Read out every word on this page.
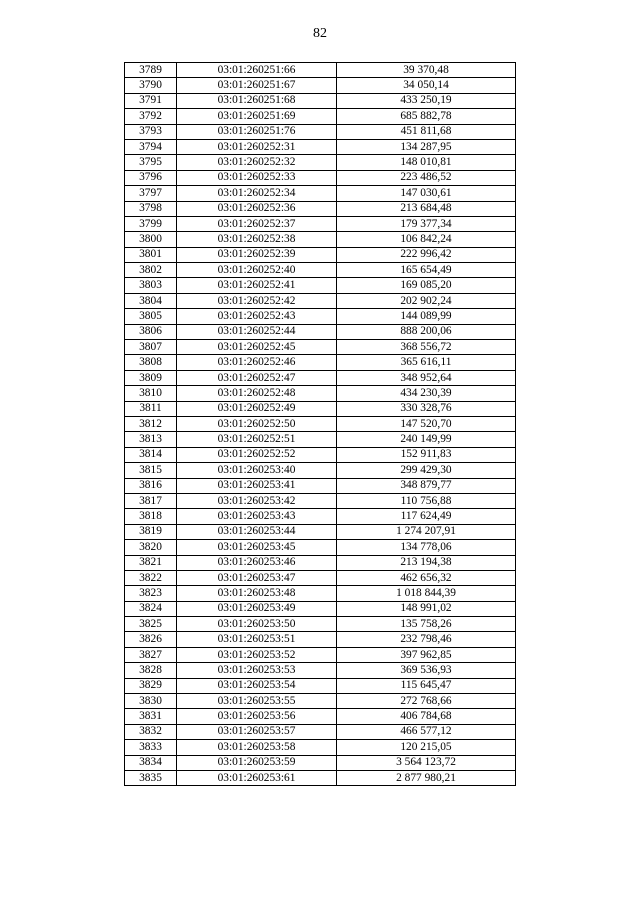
82
3789	03:01:260251:66	39 370,48
3790	03:01:260251:67	34 050,14
3791	03:01:260251:68	433 250,19
3792	03:01:260251:69	685 882,78
3793	03:01:260251:76	451 811,68
3794	03:01:260252:31	134 287,95
3795	03:01:260252:32	148 010,81
3796	03:01:260252:33	223 486,52
3797	03:01:260252:34	147 030,61
3798	03:01:260252:36	213 684,48
3799	03:01:260252:37	179 377,34
3800	03:01:260252:38	106 842,24
3801	03:01:260252:39	222 996,42
3802	03:01:260252:40	165 654,49
3803	03:01:260252:41	169 085,20
3804	03:01:260252:42	202 902,24
3805	03:01:260252:43	144 089,99
3806	03:01:260252:44	888 200,06
3807	03:01:260252:45	368 556,72
3808	03:01:260252:46	365 616,11
3809	03:01:260252:47	348 952,64
3810	03:01:260252:48	434 230,39
3811	03:01:260252:49	330 328,76
3812	03:01:260252:50	147 520,70
3813	03:01:260252:51	240 149,99
3814	03:01:260252:52	152 911,83
3815	03:01:260253:40	299 429,30
3816	03:01:260253:41	348 879,77
3817	03:01:260253:42	110 756,88
3818	03:01:260253:43	117 624,49
3819	03:01:260253:44	1 274 207,91
3820	03:01:260253:45	134 778,06
3821	03:01:260253:46	213 194,38
3822	03:01:260253:47	462 656,32
3823	03:01:260253:48	1 018 844,39
3824	03:01:260253:49	148 991,02
3825	03:01:260253:50	135 758,26
3826	03:01:260253:51	232 798,46
3827	03:01:260253:52	397 962,85
3828	03:01:260253:53	369 536,93
3829	03:01:260253:54	115 645,47
3830	03:01:260253:55	272 768,66
3831	03:01:260253:56	406 784,68
3832	03:01:260253:57	466 577,12
3833	03:01:260253:58	120 215,05
3834	03:01:260253:59	3 564 123,72
3835	03:01:260253:61	2 877 980,21
